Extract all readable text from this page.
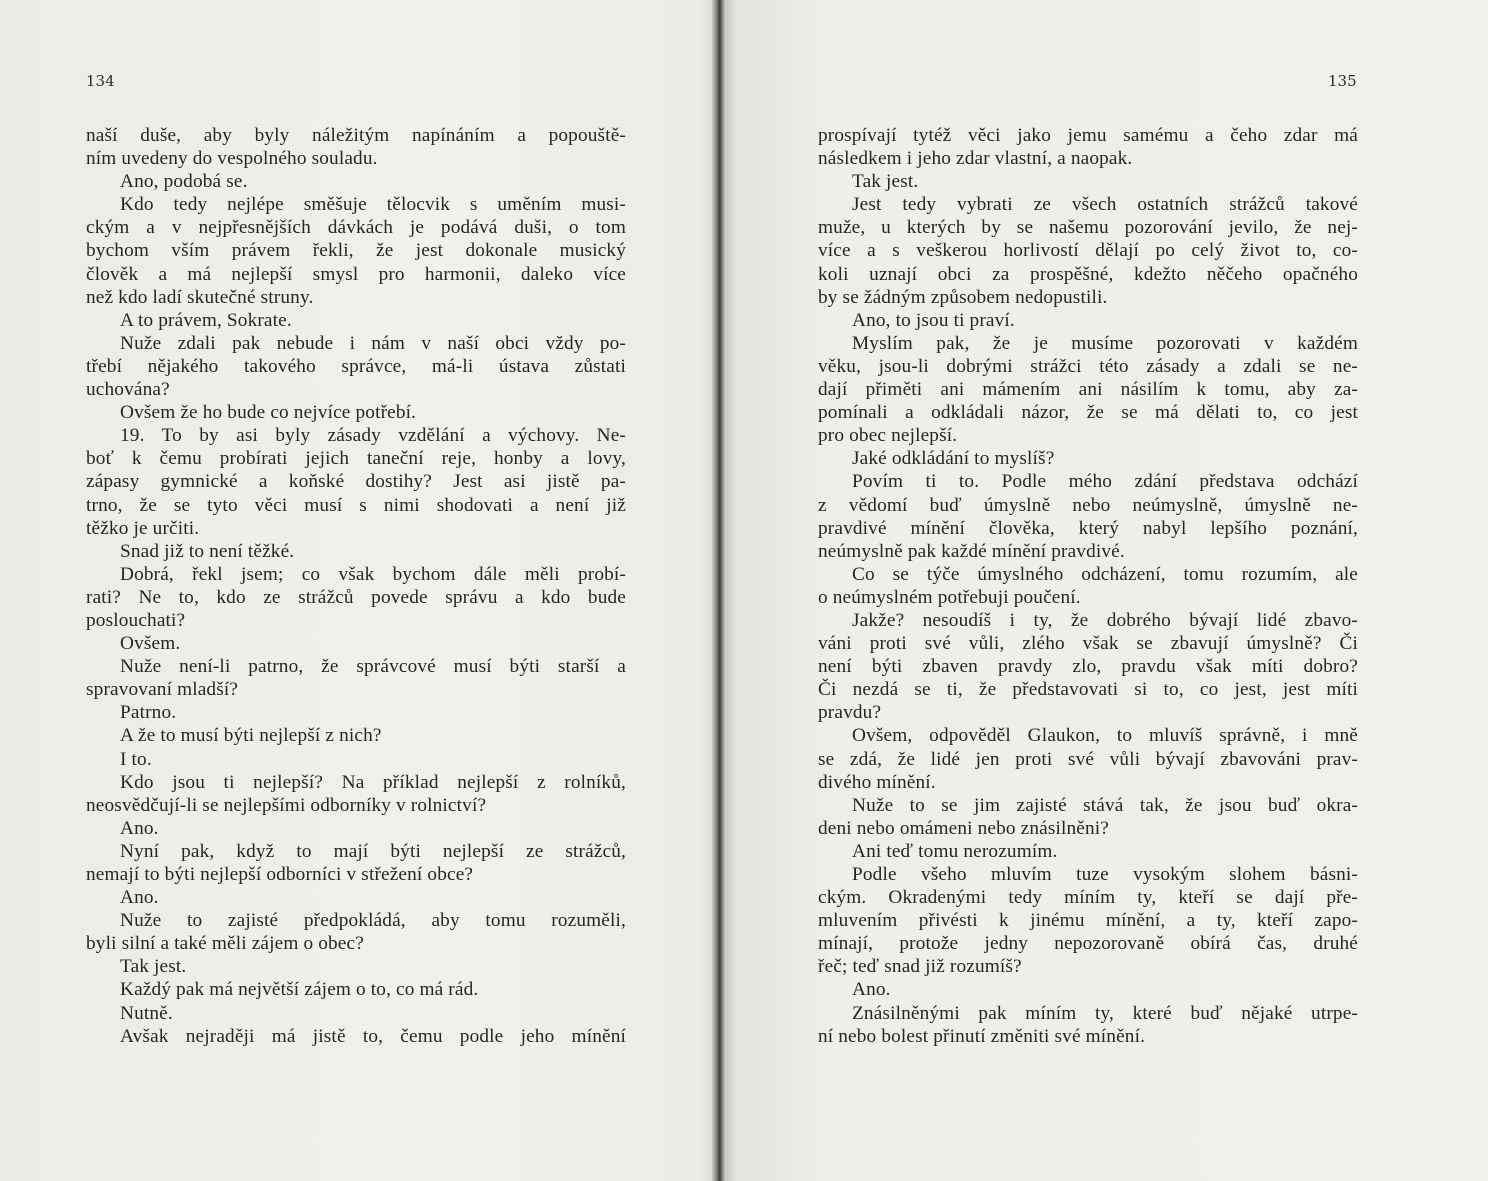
134

naší duše, aby byly náležitým napínáním a popouště-
ním uvedeny do vespolného souladu.
Ano, podobá se.
Kdo tedy nejlépe směšuje tělocvik s uměním musi-
ckým a v nejpřesnějších dávkách je podává duši, o tom
bychom vším právem řekli, že jest dokonale musický
člověk a má nejlepší smysl pro harmonii, daleko více
než kdo ladí skutečné struny.
A to právem, Sokrate.
Nuže zdali pak nebude i nám v naší obci vždy po-
třebí nějakého takového správce, má-li ústava zůstati
uchována?
Ovšem že ho bude co nejvíce potřebí.
19. To by asi byly zásady vzdělání a výchovy. Ne-
boť k čemu probírati jejich taneční reje, honby a lovy,
zápasy gymnické a koňské dostihy? Jest asi jistě pa-
trno, že se tyto věci musí s nimi shodovati a není již
těžko je určiti.
Snad již to není těžké.
Dobrá, řekl jsem; co však bychom dále měli probí-
rati? Ne to, kdo ze strážců povede správu a kdo bude
poslouchati?
Ovšem.
Nuže není-li patrno, že správcové musí býti starší a
spravovaní mladší?
Patrno.
A že to musí býti nejlepší z nich?
I to.
Kdo jsou ti nejlepší? Na příklad nejlepší z rolníků,
neosvědčují-li se nejlepšími odborníky v rolnictví?
Ano.
Nyní pak, když to mají býti nejlepší ze strážců,
nemají to býti nejlepší odborníci v střežení obce?
Ano.
Nuže to zajisté předpokládá, aby tomu rozuměli,
byli silní a také měli zájem o obec?
Tak jest.
Každý pak má největší zájem o to, co má rád.
Nutně.
Avšak nejraději má jistě to, čemu podle jeho mínění

135

prospívají tytéž věci jako jemu samému a čeho zdar má
následkem i jeho zdar vlastní, a naopak.
Tak jest.
Jest tedy vybrati ze všech ostatních strážců takové
muže, u kterých by se našemu pozorování jevilo, že nej-
více a s veškerou horlivostí dělají po celý život to, co-
koli uznají obci za prospěšné, kdežto něčeho opačného
by se žádným způsobem nedopustili.
Ano, to jsou ti praví.
Myslím pak, že je musíme pozorovati v každém
věku, jsou-li dobrými strážci této zásady a zdali se ne-
dají přiměti ani mámením ani násilím k tomu, aby za-
pomínali a odkládali názor, že se má dělati to, co jest
pro obec nejlepší.
Jaké odkládání to myslíš?
Povím ti to. Podle mého zdání představa odchází
z vědomí buď úmyslně nebo neúmyslně, úmyslně ne-
pravdivé mínění člověka, který nabyl lepšího poznání,
neúmyslně pak každé mínění pravdivé.
Co se týče úmyslného odcházení, tomu rozumím, ale
o neúmyslném potřebuji poučení.
Jakže? nesoudíš i ty, že dobrého bývají lidé zbavo-
váni proti své vůli, zlého však se zbavují úmyslně? Či
není býti zbaven pravdy zlo, pravdu však míti dobro?
Či nezdá se ti, že představovati si to, co jest, jest míti
pravdu?
Ovšem, odpověděl Glaukon, to mluvíš správně, i mně
se zdá, že lidé jen proti své vůli bývají zbavováni prav-
divého mínění.
Nuže to se jim zajisté stává tak, že jsou buď okra-
deni nebo omámeni nebo znásilněni?
Ani teď tomu nerozumím.
Podle všeho mluvím tuze vysokým slohem básni-
ckým. Okradenými tedy míním ty, kteří se dají pře-
mluvením přivésti k jinému mínění, a ty, kteří zapo-
mínají, protože jedny nepozorovaně obírá čas, druhé
řeč; teď snad již rozumíš?
Ano.
Znásilněnými pak míním ty, které buď nějaké utrpe-
ní nebo bolest přinutí změniti své mínění.
